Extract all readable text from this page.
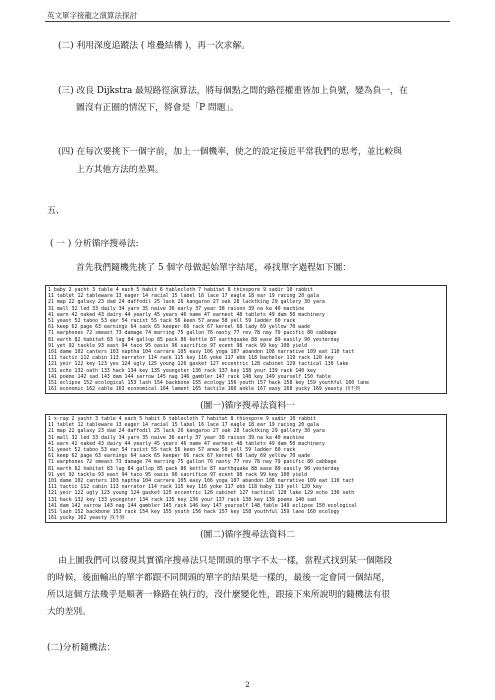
英文單字接龍之演算法探討
(二) 利用深度追蹤法 ( 堆疊結構 )，再一次求解。
(三) 改良 Dijkstra 最短路徑演算法，將每個點之間的路徑權重皆加上負號，變為負一，在
圖沒有正圈的情況下，將會是「P 問題」。
(四) 在每次要挑下一個字前，加上一個機率，使之的設定接近平常我們的思考，並比較與
上方其他方法的差異。
五、
( 一 ) 分析循序搜尋法:
首先我們隨機先挑了 5 個字母做起始單字結尾，尋找單字過程如下圖：
1 baby 2 yacht 3 table 4 each 5 habit 6 tablecloth 7 habitat 8 thinspore 9 sadir 10 rabbit
11 tablet 12 tableware 13 eager 14 racial 15 label 16 lace 17 eagle 18 ear 19 racing 20 gala
21 map 22 galaxy 23 dad 24 daffodil 25 lack 26 kangaroo 27 oak 28 lacktking 29 gallery 30 yara
31 mall 32 led 33 daily 34 yarn 35 naive 36 early 37 year 38 raison 39 na ka 40 machine
41 earn 42 naked 43 dairy 44 yearly 45 years 46 name 47 earnest 48 tablets 49 dam 50 machinery
51 yeast 52 taboo 53 ear 54 racist 55 tack 56 keen 57 anew 58 yell 59 ladder 60 rack
61 keep 62 page 63 earnings 64 sack 65 keeper 66 rack 67 kernel 68 lady 69 yellow 70 wade
71 earphones 72 smeast 73 damage 74 marring 75 gallon 76 nasty 77 rev 78 nay 79 pacific 80 cabbage
81 earth 82 habitat 83 lag 84 gallop 85 pack 86 kettle 87 earthquake 88 ease 89 easily 90 yesterday
91 yet 92 tackle 93 east 94 taco 95 oasis 96 sacrifice 97 ecent 98 rack 99 key 100 yield
101 dame 102 canters 103 naptha 104 carrare 105 easy 106 yoga 107 abandon 108 narrative 109 eat 110 tact
111 tactic 112 cabin 113 narrator 114 rack 115 key 116 yoke 117 ebb 118 bachelor 119 rack 120 key
121 yeir 122 key 123 yes 124 ugly 125 young 126 gasket 127 eccentric 128 cabinet 129 tactical 130 lake
131 echo 132 oath 133 hack 134 key 135 youngster 136 rack 137 key 138 your 139 rack 140 key
141 poems 142 sad 143 dam 144 sarrow 145 nag 146 gambler 147 rack 148 key 149 yourself 150 fable
151 eclipse 152 ecological 153 lash 154 backbone 155 ecology 156 youth 157 hack 158 key 159 youthful 160 lane
161 economic 162 cable 163 economical 164 lament 165 tactile 166 ankle 167 easy 168 yucky 169 yeasty 找不到
(圖一)循序搜尋法資料一
1 x-ray 2 yacht 3 table 4 each 5 habit 6 tablecloth 7 habitat 8 thinspore 9 sadir 10 rabbit
11 tablet 12 tableware 13 eager 14 racial 15 label 16 lace 17 eagle 18 ear 19 racing 20 gala
21 map 22 galaxy 23 dad 24 daffodil 25 lack 26 kangaroo 27 oak 28 lacktking 29 gallery 30 yara
31 mall 32 led 33 daily 34 yarn 35 naive 36 early 37 year 38 raison 39 na ka 40 machine
41 earn 42 naked 43 dairy 44 yearly 45 years 46 name 47 earnest 48 tablets 49 dam 50 machinery
51 yeast 52 taboo 53 ear 54 racist 55 tack 56 keen 57 anew 58 yell 59 ladder 60 rack
61 keep 62 page 63 earnings 64 sack 65 keeper 66 rack 67 kernel 68 lady 69 yellow 70 wade
71 earphones 72 smeast 73 damage 74 marring 75 gallon 76 nasty 77 rev 78 nay 79 pacific 80 cabbage
81 earth 82 habitat 83 lag 84 gallop 85 pack 86 kettle 87 earthquake 88 ease 89 easily 90 yesterday
91 yet 92 tackle 93 east 94 taco 95 oasis 96 sacrifice 97 ecent 98 rack 99 key 100 yield
101 dame 102 canters 103 naptha 104 carrare 105 easy 106 yoga 107 abandon 108 narrative 109 eat 110 tact
111 tactic 112 cabin 113 narrator 114 rack 115 key 116 yoke 117 ebb 118 baby 119 yell 120 key
121 yeir 122 ugly 123 young 124 gasket 125 eccentric 126 cabinet 127 tactical 128 lake 129 echo 130 oath
131 hack 132 key 133 youngster 134 rack 135 key 136 your 137 rack 138 key 139 poems 140 sad
141 dam 142 sarrow 143 nag 144 gambler 145 rack 146 key 147 yourself 148 fable 149 eclipse 150 ecological
151 lash 152 backbone 153 rack 154 key 155 youth 156 hack 157 key 158 youthful 159 lane 160 ecology
161 yucky 162 yeasty 找不到
(圖二)循序搜尋法資料二
由上圖我們可以發現其實循序搜尋法只是開頭的單字不太一樣，當程式找到某一個階段
的時候，後面輸出的單字都跟不同開頭的單字的結果是一樣的，最後一定會同一個結尾，
所以這個方法幾乎是順著一條路在執行的，沒什麼變化性，跟接下來所說明的隨機法有很
大的差別。
(二)分析隨機法：
2
